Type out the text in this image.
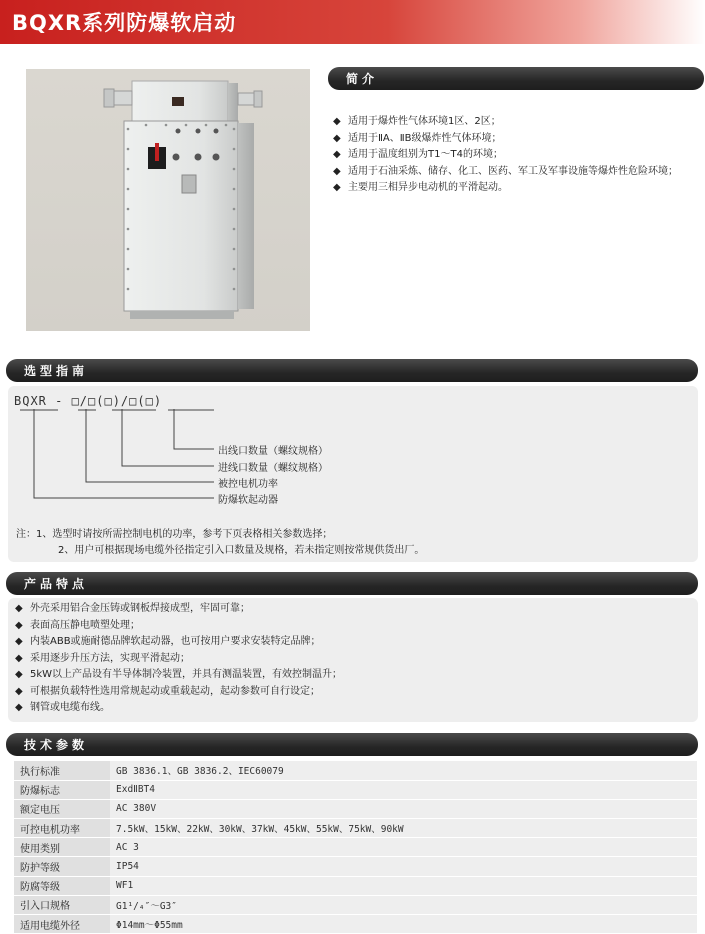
BQXR系列防爆软启动
简介
◆ 适用于爆炸性气体环境1区、2区；
◆ 适用于ⅡA、ⅡB级爆炸性气体环境；
◆ 适用于温度组别为T1～T4的环境；
◆ 适用于石油采炼、储存、化工、医药、军工及军事设施等爆炸性危险环境；
◆ 主要用三相异步电动机的平滑起动。
选型指南
BQXR - □/□(□)/□(□)
出线口数量（螺纹规格）
进线口数量（螺纹规格）
被控电机功率
防爆软起动器
注：1、选型时请按所需控制电机的功率，参考下页表格相关参数选择；
2、用户可根据现场电缆外径指定引入口数量及规格，若未指定则按常规供货出厂。
产品特点
◆ 外壳采用铝合金压铸或钢板焊接成型，牢固可靠；
◆ 表面高压静电喷塑处理；
◆ 内装ABB或施耐德品牌软起动器，也可按用户要求安装特定品牌；
◆ 采用逐步升压方法，实现平滑起动；
◆ 5kW以上产品设有半导体制冷装置，并具有测温装置，有效控制温升；
◆ 可根据负载特性选用常规起动或重载起动，起动参数可自行设定；
◆ 钢管或电缆布线。
技术参数
执行标准	GB 3836.1、GB 3836.2、IEC60079
防爆标志	ExdⅡBT4
额定电压	AC 380V
可控电机功率	7.5kW、15kW、22kW、30kW、37kW、45kW、55kW、75kW、90kW
使用类别	AC 3
防护等级	IP54
防腐等级	WF1
引入口规格	G1¹/₄″～G3″
适用电缆外径	Φ14mm～Φ55mm
